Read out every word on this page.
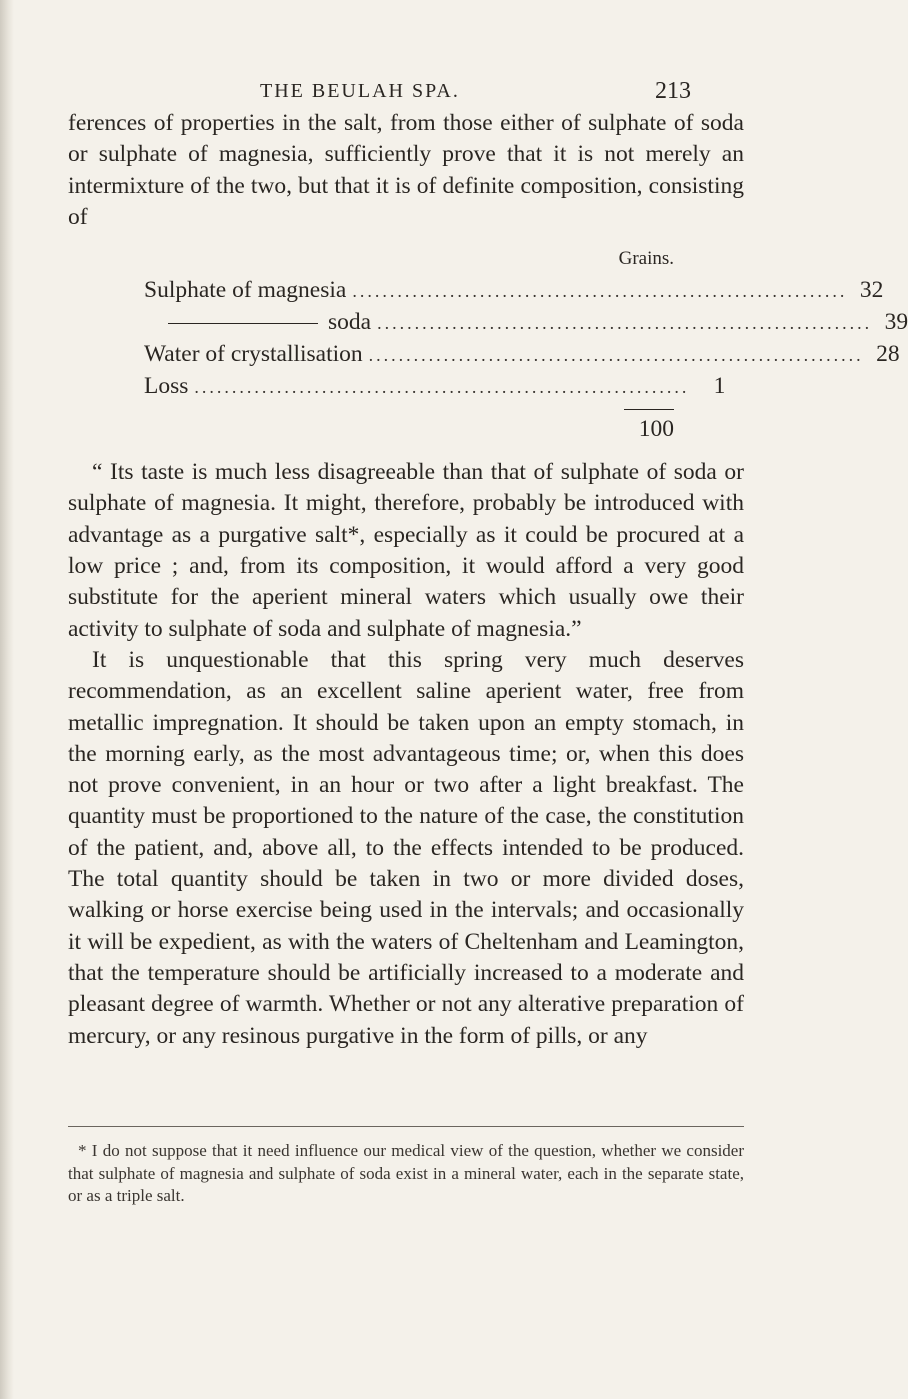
THE BEULAH SPA.	213

ferences of properties in the salt, from those either of sulphate of soda or sulphate of magnesia, sufficiently prove that it is not merely an intermixture of the two, but that it is of definite composition, consisting of

Grains.
Sulphate of magnesia .................................................................. 32
soda .................................................................. 39
Water of crystallisation .................................................................. 28
Loss ..................................................................	1
100

“ Its taste is much less disagreeable than that of sulphate of soda or sulphate of magnesia. It might, therefore, probably be introduced with advantage as a purgative salt*, especially as it could be procured at a low price ; and, from its composition, it would afford a very good substitute for the aperient mineral waters which usually owe their activity to sulphate of soda and sulphate of magnesia.”

It is unquestionable that this spring very much deserves recommendation, as an excellent saline aperient water, free from metallic impregnation. It should be taken upon an empty stomach, in the morning early, as the most advantageous time; or, when this does not prove convenient, in an hour or two after a light breakfast. The quantity must be proportioned to the nature of the case, the constitution of the patient, and, above all, to the effects intended to be produced. The total quantity should be taken in two or more divided doses, walking or horse exercise being used in the intervals; and occasionally it will be expedient, as with the waters of Cheltenham and Leamington, that the temperature should be artificially increased to a moderate and pleasant degree of warmth. Whether or not any alterative preparation of mercury, or any resinous purgative in the form of pills, or any

* I do not suppose that it need influence our medical view of the question, whether we consider that sulphate of magnesia and sulphate of soda exist in a mineral water, each in the separate state, or as a triple salt.
